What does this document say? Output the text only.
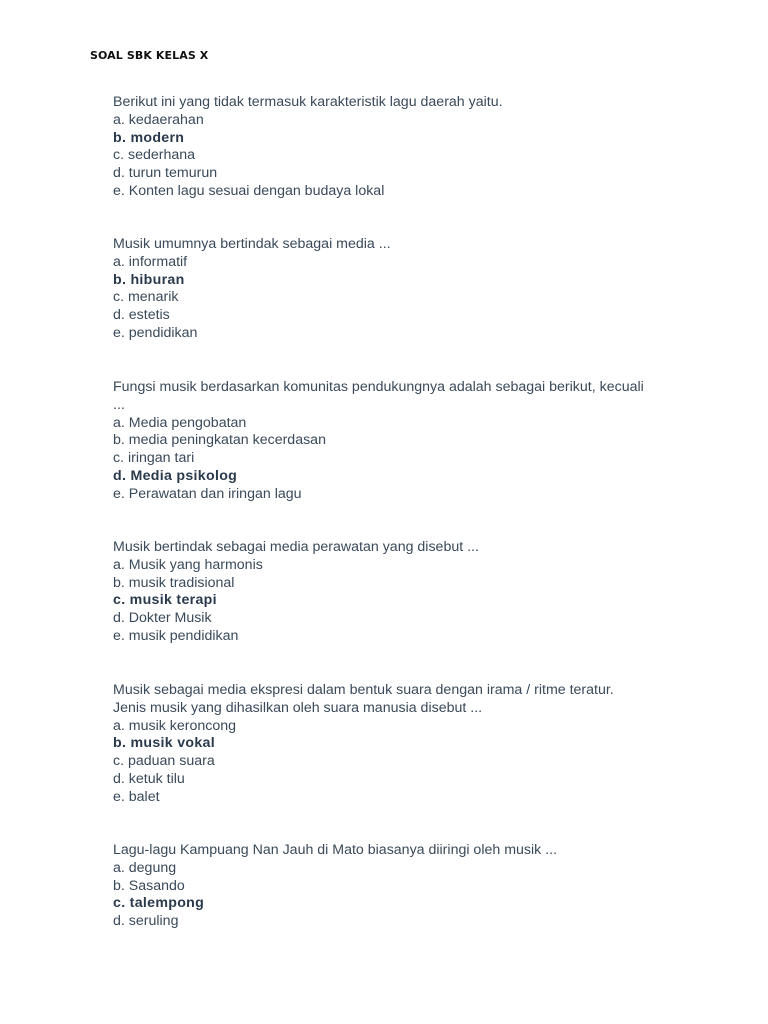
SOAL SBK KELAS X
Berikut ini yang tidak termasuk karakteristik lagu daerah yaitu.
a. kedaerahan
b. modern
c. sederhana
d. turun temurun
e. Konten lagu sesuai dengan budaya lokal
Musik umumnya bertindak sebagai media ...
a. informatif
b. hiburan
c. menarik
d. estetis
e. pendidikan
Fungsi musik berdasarkan komunitas pendukungnya adalah sebagai berikut, kecuali
...
a. Media pengobatan
b. media peningkatan kecerdasan
c. iringan tari
d. Media psikolog
e. Perawatan dan iringan lagu
Musik bertindak sebagai media perawatan yang disebut ...
a. Musik yang harmonis
b. musik tradisional
c. musik terapi
d. Dokter Musik
e. musik pendidikan
Musik sebagai media ekspresi dalam bentuk suara dengan irama / ritme teratur.
Jenis musik yang dihasilkan oleh suara manusia disebut ...
a. musik keroncong
b. musik vokal
c. paduan suara
d. ketuk tilu
e. balet
Lagu-lagu Kampuang Nan Jauh di Mato biasanya diiringi oleh musik ...
a. degung
b. Sasando
c. talempong
d. seruling
